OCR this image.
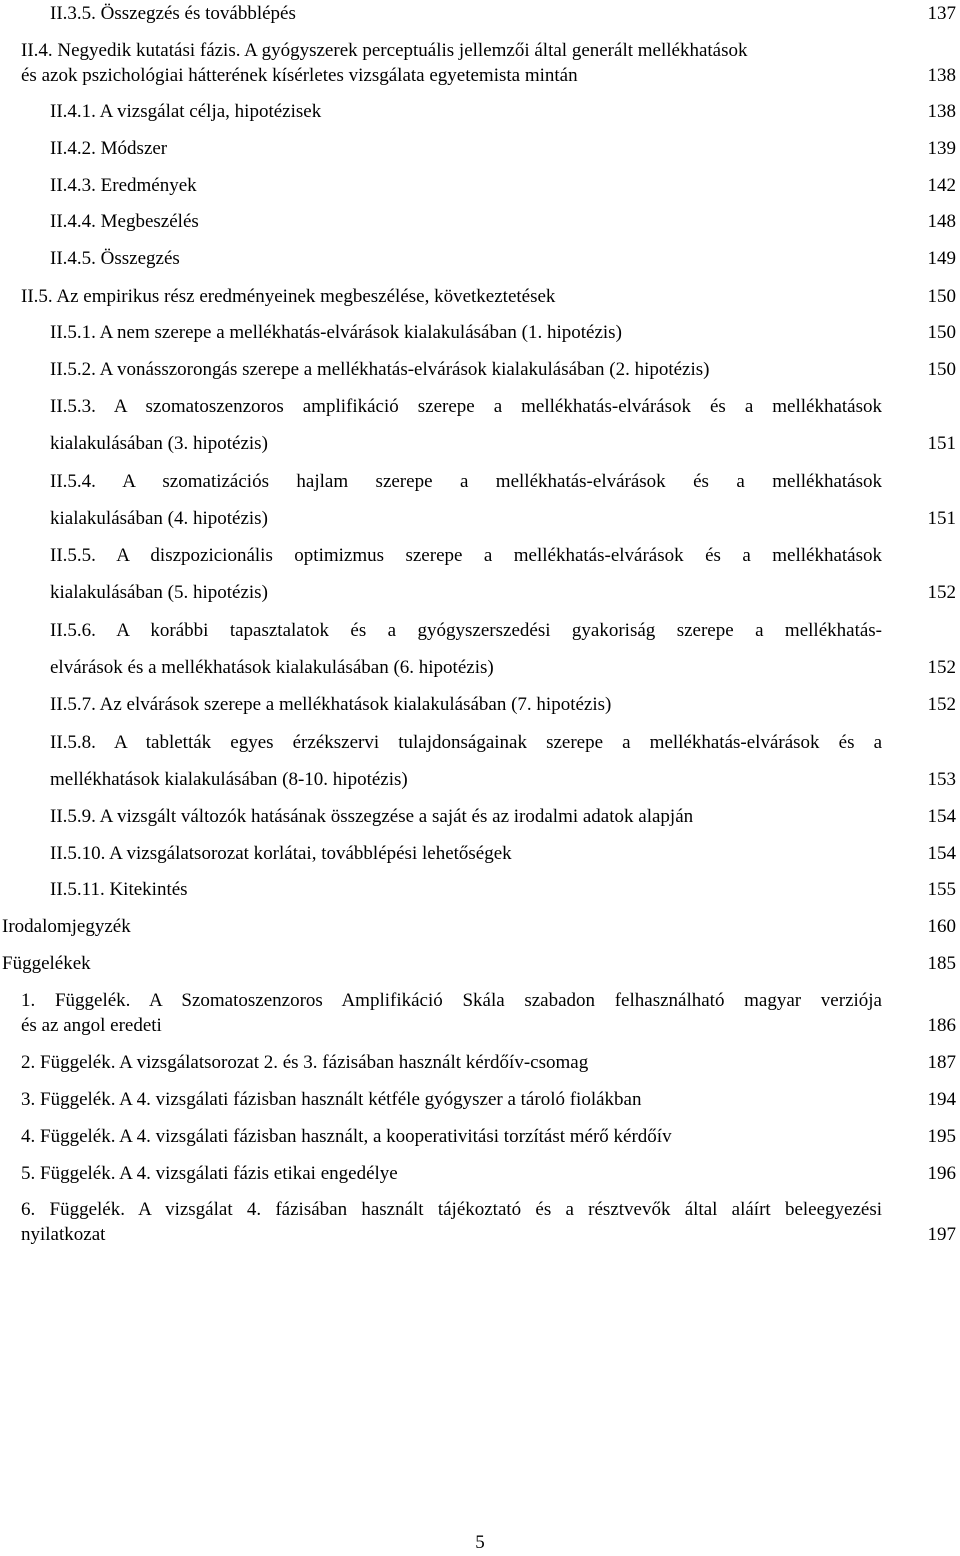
II.3.5. Összegzés és továbblépés	137
II.4. Negyedik kutatási fázis. A gyógyszerek perceptuális jellemzői által generált mellékhatások
és azok pszichológiai hátterének kísérletes vizsgálata egyetemista mintán	138
II.4.1. A vizsgálat célja, hipotézisek	138
II.4.2. Módszer	139
II.4.3. Eredmények	142
II.4.4. Megbeszélés	148
II.4.5. Összegzés	149
II.5. Az empirikus rész eredményeinek megbeszélése, következtetések	150
II.5.1. A nem szerepe a mellékhatás-elvárások kialakulásában (1. hipotézis)	150
II.5.2. A vonásszorongás szerepe a mellékhatás-elvárások kialakulásában (2. hipotézis)	150
II.5.3. A szomatoszenzoros amplifikáció szerepe a mellékhatás-elvárások és a mellékhatások
kialakulásában (3. hipotézis)	151
II.5.4. A szomatizációs hajlam szerepe a mellékhatás-elvárások és a mellékhatások
kialakulásában (4. hipotézis)	151
II.5.5. A diszpozicionális optimizmus szerepe a mellékhatás-elvárások és a mellékhatások
kialakulásában (5. hipotézis)	152
II.5.6. A korábbi tapasztalatok és a gyógyszerszedési gyakoriság szerepe a mellékhatás-
elvárások és a mellékhatások kialakulásában (6. hipotézis)	152
II.5.7. Az elvárások szerepe a mellékhatások kialakulásában (7. hipotézis)	152
II.5.8. A tabletták egyes érzékszervi tulajdonságainak szerepe a mellékhatás-elvárások és a
mellékhatások kialakulásában (8-10. hipotézis)	153
II.5.9. A vizsgált változók hatásának összegzése a saját és az irodalmi adatok alapján	154
II.5.10. A vizsgálatsorozat korlátai, továbblépési lehetőségek	154
II.5.11. Kitekintés	155
Irodalomjegyzék	160
Függelékek	185
1. Függelék. A Szomatoszenzoros Amplifikáció Skála szabadon felhasználható magyar verziója
és az angol eredeti	186
2. Függelék. A vizsgálatsorozat 2. és 3. fázisában használt kérdőív-csomag	187
3. Függelék. A 4. vizsgálati fázisban használt kétféle gyógyszer a tároló fiolákban	194
4. Függelék. A 4. vizsgálati fázisban használt, a kooperativitási torzítást mérő kérdőív	195
5. Függelék. A 4. vizsgálati fázis etikai engedélye	196
6. Függelék. A vizsgálat 4. fázisában használt tájékoztató és a résztvevők által aláírt beleegyezési
nyilatkozat	197
5
